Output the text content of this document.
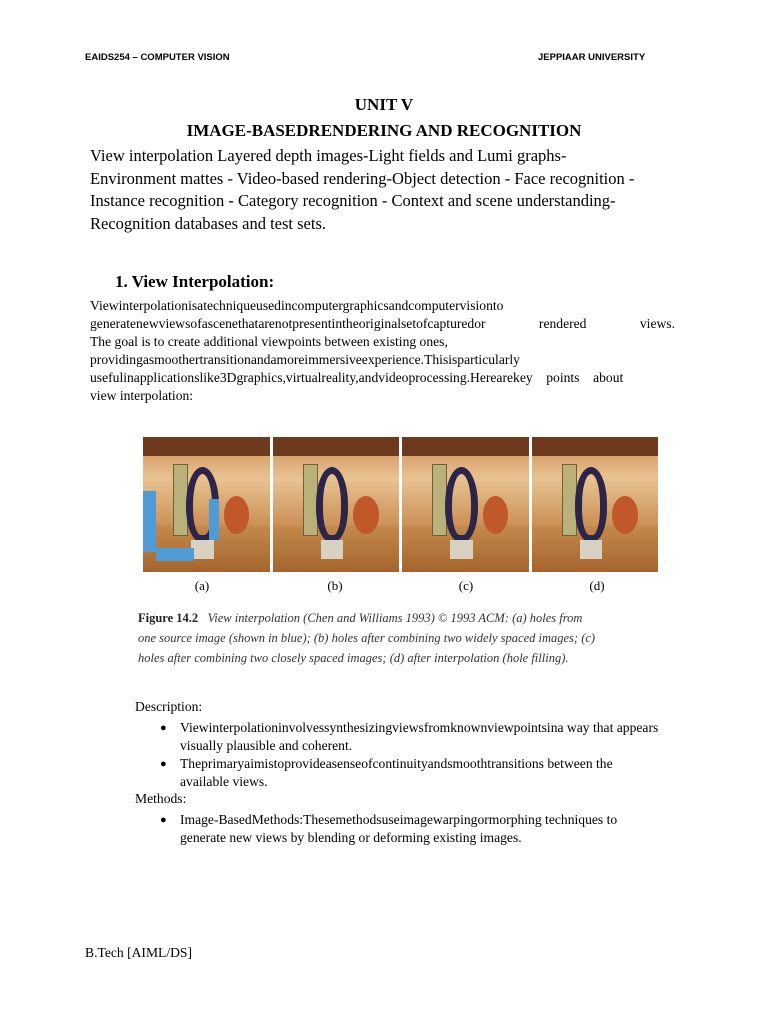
EAIDS254 – COMPUTER VISION	JEPPIAAR UNIVERSITY
UNIT V
IMAGE-BASEDRENDERING AND RECOGNITION
View interpolation Layered depth images-Light fields and Lumi graphs-
Environment mattes - Video-based rendering-Object detection - Face recognition -
Instance recognition - Category recognition - Context and scene understanding-
Recognition databases and test sets.
1. View Interpolation:
Viewinterpolationisatechniqueusedincomputergraphicsandcomputervisionto
generatenewviewsofascenethatarenotpresentintheoriginalsetofcapturedor    rendered    views.
The goal is to create additional viewpoints between existing ones,
providingasmoothertransitionandamoreimmersiveexperience.Thisisparticularly
usefulinapplicationslike3Dgraphics,virtualreality,andvideoprocessing.Herearekey    points    about
view interpolation:
(a)	(b)	(c)	(d)
Figure 14.2 View interpolation (Chen and Williams 1993) © 1993 ACM: (a) holes from
one source image (shown in blue); (b) holes after combining two widely spaced images; (c)
holes after combining two closely spaced images; (d) after interpolation (hole filling).
Description:
● Viewinterpolationinvolvessynthesizingviewsfromknownviewpointsina way that appears visually plausible and coherent.
● Theprimaryaimistoprovideasenseofcontinuityandsmoothtransitions between the available views.
Methods:
● Image-BasedMethods:Thesemethodsuseimagewarpingormorphing techniques to generate new views by blending or deforming existing images.
B.Tech [AIML/DS]
